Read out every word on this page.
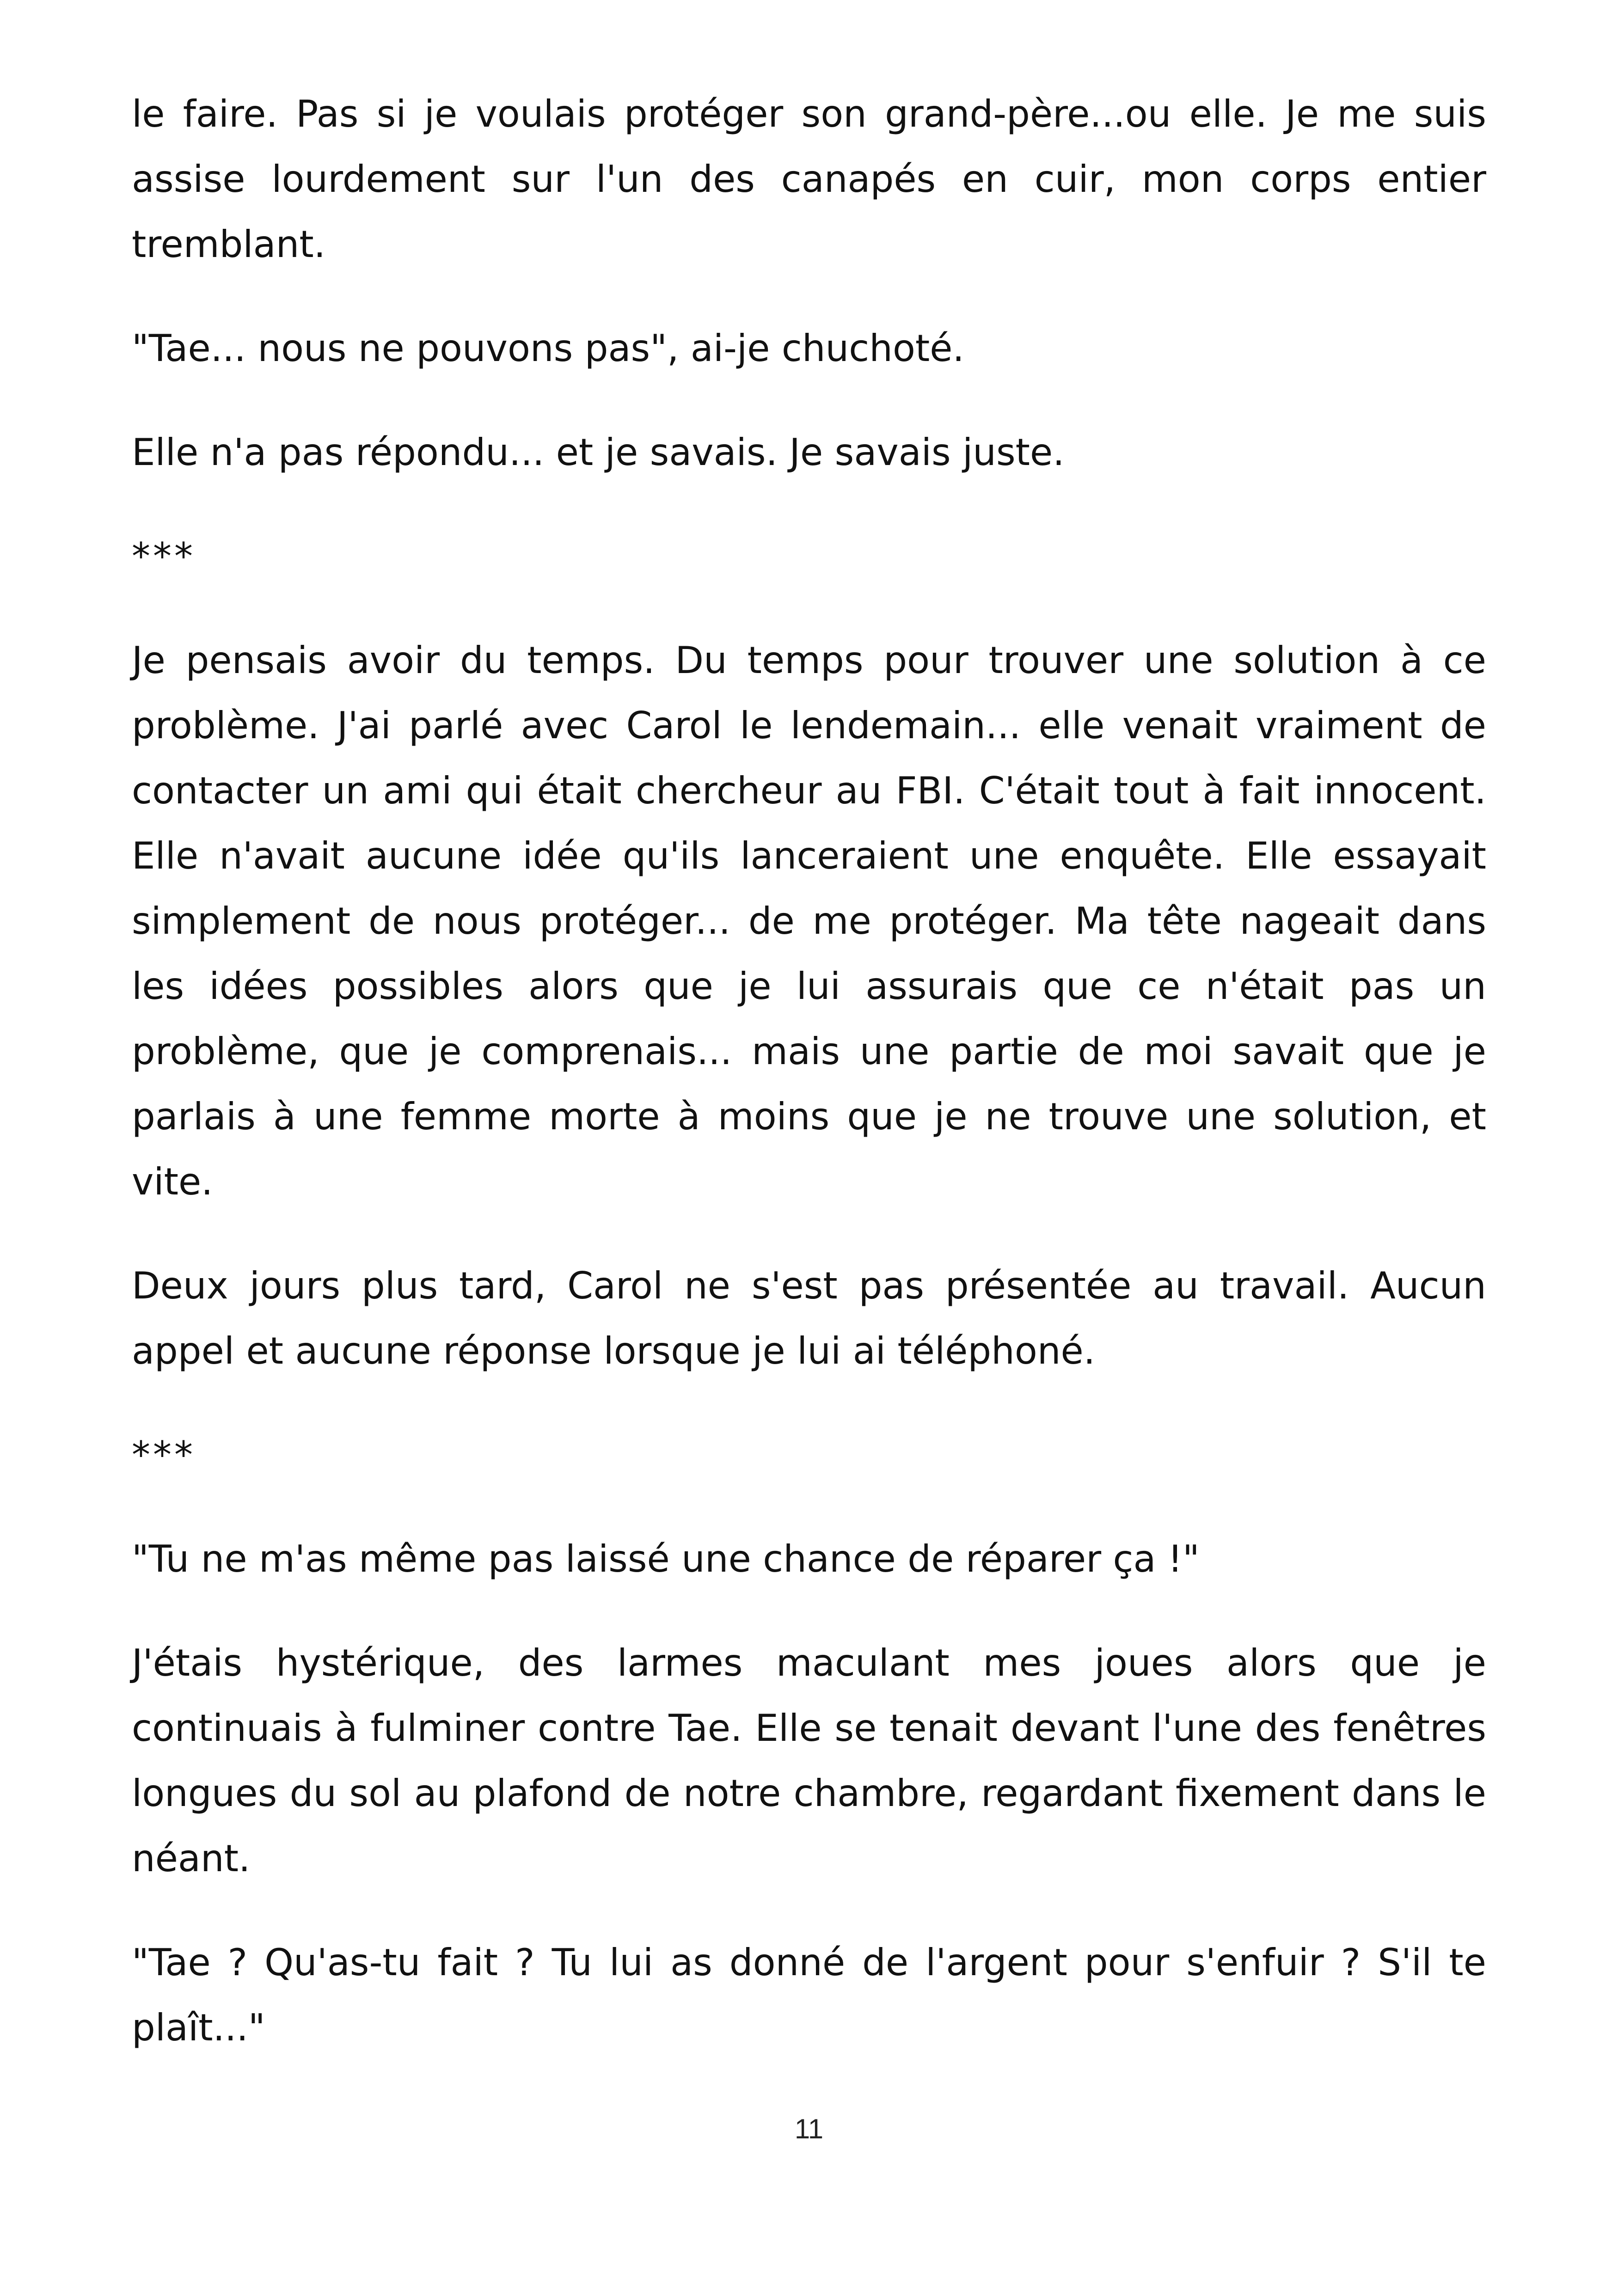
le faire. Pas si je voulais protéger son grand-père...ou elle. Je me suis assise lourdement sur l'un des canapés en cuir, mon corps entier tremblant.

"Tae... nous ne pouvons pas", ai-je chuchoté.

Elle n'a pas répondu... et je savais. Je savais juste.

***

Je pensais avoir du temps. Du temps pour trouver une solution à ce problème. J'ai parlé avec Carol le lendemain... elle venait vraiment de contacter un ami qui était chercheur au FBI. C'était tout à fait innocent. Elle n'avait aucune idée qu'ils lanceraient une enquête. Elle essayait simplement de nous protéger... de me protéger. Ma tête nageait dans les idées possibles alors que je lui assurais que ce n'était pas un problème, que je comprenais... mais une partie de moi savait que je parlais à une femme morte à moins que je ne trouve une solution, et vite.

Deux jours plus tard, Carol ne s'est pas présentée au travail. Aucun appel et aucune réponse lorsque je lui ai téléphoné.

***

"Tu ne m'as même pas laissé une chance de réparer ça !"

J'étais hystérique, des larmes maculant mes joues alors que je continuais à fulminer contre Tae. Elle se tenait devant l'une des fenêtres longues du sol au plafond de notre chambre, regardant fixement dans le néant.

"Tae ? Qu'as-tu fait ? Tu lui as donné de l'argent pour s'enfuir ? S'il te plaît..."

11
